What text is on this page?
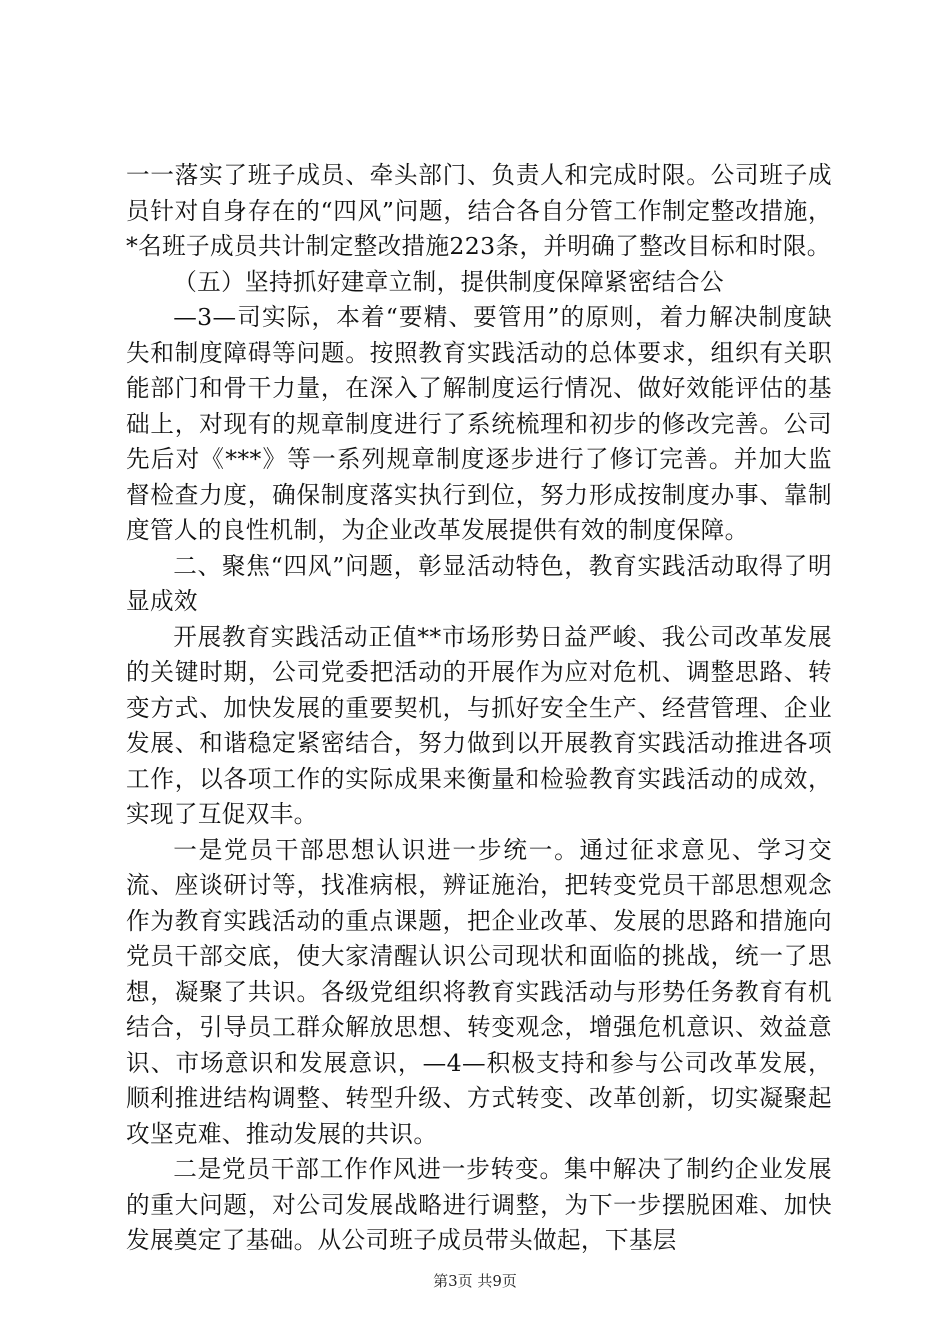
一一落实了班子成员、牵头部门、负责人和完成时限。公司班子成员针对自身存在的“四风”问题，结合各自分管工作制定整改措施，*名班子成员共计制定整改措施223条，并明确了整改目标和时限。

（五）坚持抓好建章立制，提供制度保障紧密结合公

—3—司实际，本着“要精、要管用”的原则，着力解决制度缺失和制度障碍等问题。按照教育实践活动的总体要求，组织有关职能部门和骨干力量，在深入了解制度运行情况、做好效能评估的基础上，对现有的规章制度进行了系统梳理和初步的修改完善。公司先后对《***》等一系列规章制度逐步进行了修订完善。并加大监督检查力度，确保制度落实执行到位，努力形成按制度办事、靠制度管人的良性机制，为企业改革发展提供有效的制度保障。

二、聚焦“四风”问题，彰显活动特色，教育实践活动取得了明显成效

开展教育实践活动正值**市场形势日益严峻、我公司改革发展的关键时期，公司党委把活动的开展作为应对危机、调整思路、转变方式、加快发展的重要契机，与抓好安全生产、经营管理、企业发展、和谐稳定紧密结合，努力做到以开展教育实践活动推进各项工作，以各项工作的实际成果来衡量和检验教育实践活动的成效，实现了互促双丰。

一是党员干部思想认识进一步统一。通过征求意见、学习交流、座谈研讨等，找准病根，辨证施治，把转变党员干部思想观念作为教育实践活动的重点课题，把企业改革、发展的思路和措施向党员干部交底，使大家清醒认识公司现状和面临的挑战，统一了思想，凝聚了共识。各级党组织将教育实践活动与形势任务教育有机结合，引导员工群众解放思想、转变观念，增强危机意识、效益意识、市场意识和发展意识，—4—积极支持和参与公司改革发展，顺利推进结构调整、转型升级、方式转变、改革创新，切实凝聚起攻坚克难、推动发展的共识。

二是党员干部工作作风进一步转变。集中解决了制约企业发展的重大问题，对公司发展战略进行调整，为下一步摆脱困难、加快发展奠定了基础。从公司班子成员带头做起，下基层

第3页 共9页
